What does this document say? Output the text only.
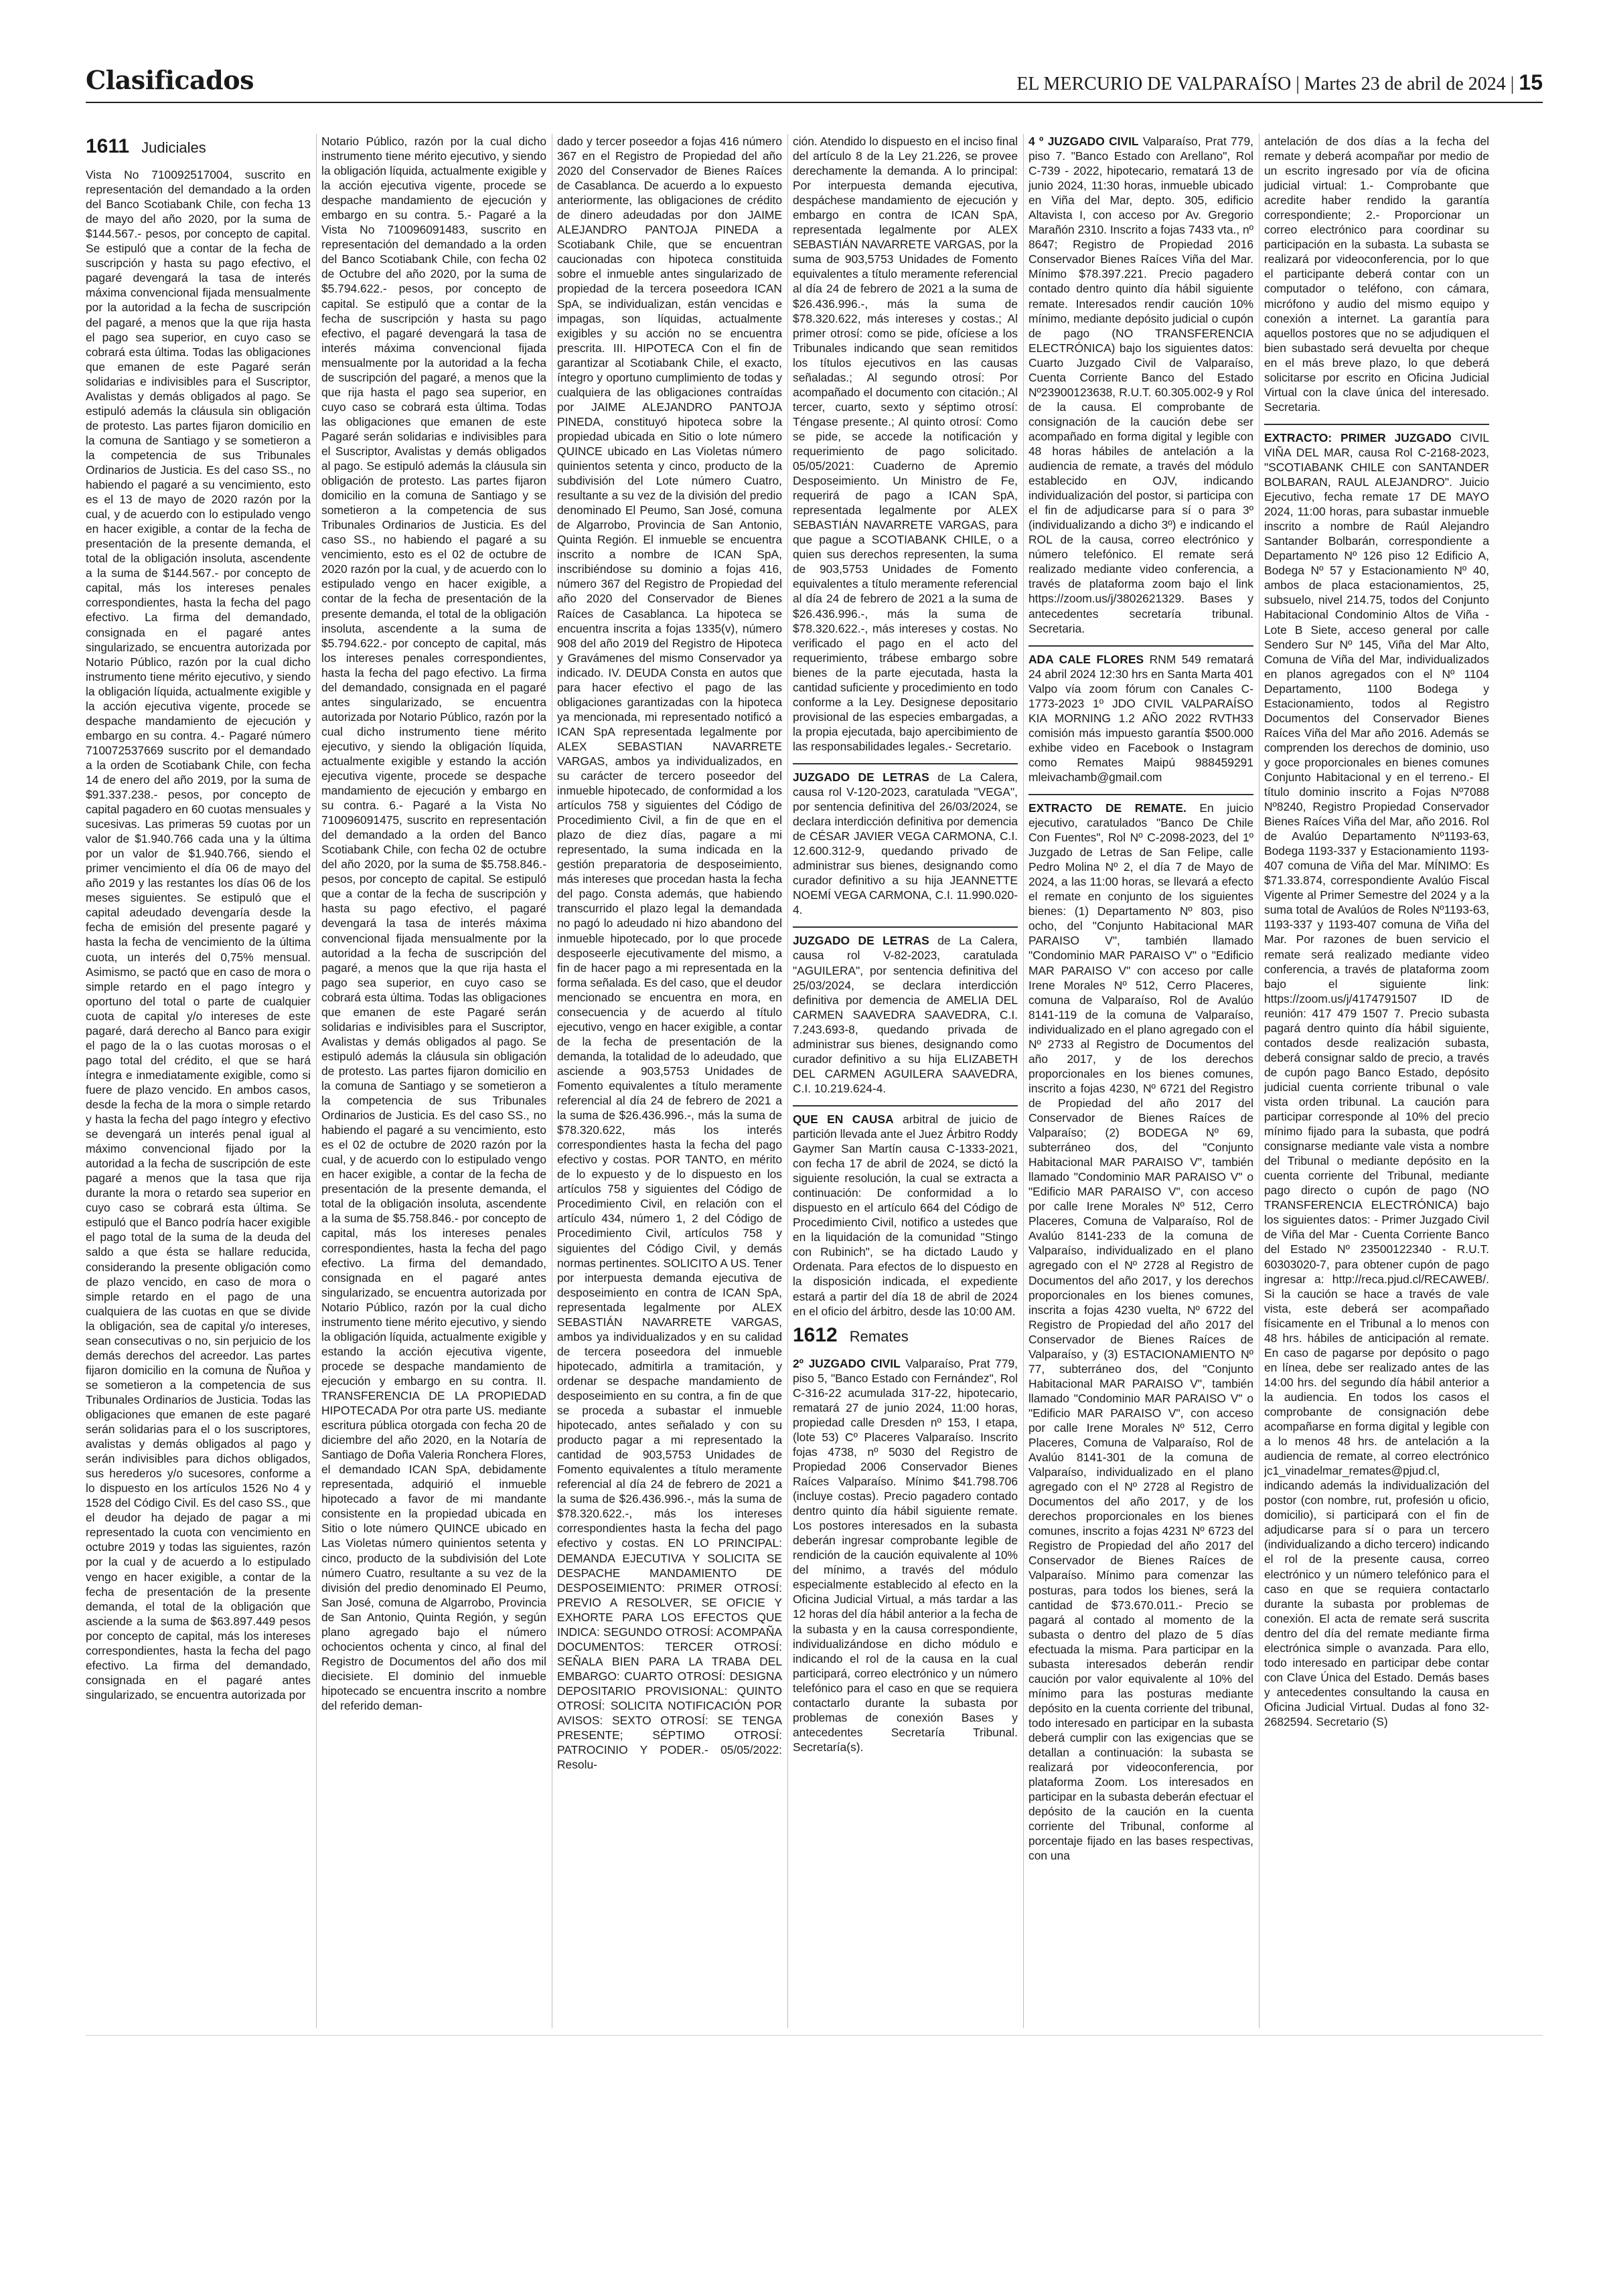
Clasificados	EL MERCURIO DE VALPARAÍSO | Martes 23 de abril de 2024 | 15
1611 Judiciales
Vista No 710092517004, suscrito en representación del demandado a la orden del Banco Scotiabank Chile, con fecha 13 de mayo del año 2020, por la suma de $144.567.- pesos, por concepto de capital. Se estipuló que a contar de la fecha de suscripción y hasta su pago efectivo, el pagaré devengará la tasa de interés máxima convencional fijada mensualmente por la autoridad a la fecha de suscripción del pagaré, a menos que la que rija hasta el pago sea superior, en cuyo caso se cobrará esta última. Todas las obligaciones que emanen de este Pagaré serán solidarias e indivisibles para el Suscriptor, Avalistas y demás obligados al pago. Se estipuló además la cláusula sin obligación de protesto. Las partes fijaron domicilio en la comuna de Santiago y se sometieron a la competencia de sus Tribunales Ordinarios de Justicia. Es del caso SS., no habiendo el pagaré a su vencimiento, esto es el 13 de mayo de 2020 razón por la cual, y de acuerdo con lo estipulado vengo en hacer exigible, a contar de la fecha de presentación de la presente demanda, el total de la obligación insoluta, ascendente a la suma de $144.567.- por concepto de capital, más los intereses penales correspondientes, hasta la fecha del pago efectivo. La firma del demandado, consignada en el pagaré antes singularizado, se encuentra autorizada por Notario Público, razón por la cual dicho instrumento tiene mérito ejecutivo, y siendo la obligación líquida, actualmente exigible y la acción ejecutiva vigente, procede se despache mandamiento de ejecución y embargo en su contra. 4.- Pagaré número 710072537669 suscrito por el demandado a la orden de Scotiabank Chile, con fecha 14 de enero del año 2019, por la suma de $91.337.238.- pesos, por concepto de capital pagadero en 60 cuotas mensuales y sucesivas. Las primeras 59 cuotas por un valor de $1.940.766 cada una y la última por un valor de $1.940.766, siendo el primer vencimiento el día 06 de mayo del año 2019 y las restantes los días 06 de los meses siguientes. Se estipuló que el capital adeudado devengaría desde la fecha de emisión del presente pagaré y hasta la fecha de vencimiento de la última cuota, un interés del 0,75% mensual. Asimismo, se pactó que en caso de mora o simple retardo en el pago íntegro y oportuno del total o parte de cualquier cuota de capital y/o intereses de este pagaré, dará derecho al Banco para exigir el pago de la o las cuotas morosas o el pago total del crédito, el que se hará íntegra e inmediatamente exigible, como si fuere de plazo vencido. En ambos casos, desde la fecha de la mora o simple retardo y hasta la fecha del pago íntegro y efectivo se devengará un interés penal igual al máximo convencional fijado por la autoridad a la fecha de suscripción de este pagaré a menos que la tasa que rija durante la mora o retardo sea superior en cuyo caso se cobrará esta última. Se estipuló que el Banco podría hacer exigible el pago total de la suma de la deuda del saldo a que ésta se hallare reducida, considerando la presente obligación como de plazo vencido, en caso de mora o simple retardo en el pago de una cualquiera de las cuotas en que se divide la obligación, sea de capital y/o intereses, sean consecutivas o no, sin perjuicio de los demás derechos del acreedor. Las partes fijaron domicilio en la comuna de Ñuñoa y se sometieron a la competencia de sus Tribunales Ordinarios de Justicia. Todas las obligaciones que emanen de este pagaré serán solidarias para el o los suscriptores, avalistas y demás obligados al pago y serán indivisibles para dichos obligados, sus herederos y/o sucesores, conforme a lo dispuesto en los artículos 1526 No 4 y 1528 del Código Civil. Es del caso SS., que el deudor ha dejado de pagar a mi representado la cuota con vencimiento en octubre 2019 y todas las siguientes, razón por la cual y de acuerdo a lo estipulado vengo en hacer exigible, a contar de la fecha de presentación de la presente demanda, el total de la obligación que asciende a la suma de $63.897.449 pesos por concepto de capital, más los intereses correspondientes, hasta la fecha del pago efectivo. La firma del demandado, consignada en el pagaré antes singularizado, se encuentra autorizada por
Notario Público, razón por la cual dicho instrumento tiene mérito ejecutivo, y siendo la obligación líquida, actualmente exigible y la acción ejecutiva vigente, procede se despache mandamiento de ejecución y embargo en su contra. 5.- Pagaré a la Vista No 710096091483, suscrito en representación del demandado a la orden del Banco Scotiabank Chile, con fecha 02 de Octubre del año 2020, por la suma de $5.794.622.- pesos, por concepto de capital. Se estipuló que a contar de la fecha de suscripción y hasta su pago efectivo, el pagaré devengará la tasa de interés máxima convencional fijada mensualmente por la autoridad a la fecha de suscripción del pagaré, a menos que la que rija hasta el pago sea superior, en cuyo caso se cobrará esta última. Todas las obligaciones que emanen de este Pagaré serán solidarias e indivisibles para el Suscriptor, Avalistas y demás obligados al pago. Se estipuló además la cláusula sin obligación de protesto. Las partes fijaron domicilio en la comuna de Santiago y se sometieron a la competencia de sus Tribunales Ordinarios de Justicia. Es del caso SS., no habiendo el pagaré a su vencimiento, esto es el 02 de octubre de 2020 razón por la cual, y de acuerdo con lo estipulado vengo en hacer exigible, a contar de la fecha de presentación de la presente demanda, el total de la obligación insoluta, ascendente a la suma de $5.794.622.- por concepto de capital, más los intereses penales correspondientes, hasta la fecha del pago efectivo. La firma del demandado, consignada en el pagaré antes singularizado, se encuentra autorizada por Notario Público, razón por la cual dicho instrumento tiene mérito ejecutivo, y siendo la obligación líquida, actualmente exigible y estando la acción ejecutiva vigente, procede se despache mandamiento de ejecución y embargo en su contra. 6.- Pagaré a la Vista No 710096091475, suscrito en representación del demandado a la orden del Banco Scotiabank Chile, con fecha 02 de octubre del año 2020, por la suma de $5.758.846.- pesos, por concepto de capital. Se estipuló que a contar de la fecha de suscripción y hasta su pago efectivo, el pagaré devengará la tasa de interés máxima convencional fijada mensualmente por la autoridad a la fecha de suscripción del pagaré, a menos que la que rija hasta el pago sea superior, en cuyo caso se cobrará esta última. Todas las obligaciones que emanen de este Pagaré serán solidarias e indivisibles para el Suscriptor, Avalistas y demás obligados al pago. Se estipuló además la cláusula sin obligación de protesto. Las partes fijaron domicilio en la comuna de Santiago y se sometieron a la competencia de sus Tribunales Ordinarios de Justicia. Es del caso SS., no habiendo el pagaré a su vencimiento, esto es el 02 de octubre de 2020 razón por la cual, y de acuerdo con lo estipulado vengo en hacer exigible, a contar de la fecha de presentación de la presente demanda, el total de la obligación insoluta, ascendente a la suma de $5.758.846.- por concepto de capital, más los intereses penales correspondientes, hasta la fecha del pago efectivo. La firma del demandado, consignada en el pagaré antes singularizado, se encuentra autorizada por Notario Público, razón por la cual dicho instrumento tiene mérito ejecutivo, y siendo la obligación líquida, actualmente exigible y estando la acción ejecutiva vigente, procede se despache mandamiento de ejecución y embargo en su contra. II. TRANSFERENCIA DE LA PROPIEDAD HIPOTECADA Por otra parte US. mediante escritura pública otorgada con fecha 20 de diciembre del año 2020, en la Notaría de Santiago de Doña Valeria Ronchera Flores, el demandado ICAN SpA, debidamente representada, adquirió el inmueble hipotecado a favor de mi mandante consistente en la propiedad ubicada en Sitio o lote número QUINCE ubicado en Las Violetas número quinientos setenta y cinco, producto de la subdivisión del Lote número Cuatro, resultante a su vez de la división del predio denominado El Peumo, San José, comuna de Algarrobo, Provincia de San Antonio, Quinta Región, y según plano agregado bajo el número ochocientos ochenta y cinco, al final del Registro de Documentos del año dos mil diecisiete. El dominio del inmueble hipotecado se encuentra inscrito a nombre del referido deman-
dado y tercer poseedor a fojas 416 número 367 en el Registro de Propiedad del año 2020 del Conservador de Bienes Raíces de Casablanca. De acuerdo a lo expuesto anteriormente, las obligaciones de crédito de dinero adeudadas por don JAIME ALEJANDRO PANTOJA PINEDA a Scotiabank Chile, que se encuentran caucionadas con hipoteca constituida sobre el inmueble antes singularizado de propiedad de la tercera poseedora ICAN SpA, se individualizan, están vencidas e impagas, son líquidas, actualmente exigibles y su acción no se encuentra prescrita. III. HIPOTECA Con el fin de garantizar al Scotiabank Chile, el exacto, íntegro y oportuno cumplimiento de todas y cualquiera de las obligaciones contraídas por JAIME ALEJANDRO PANTOJA PINEDA, constituyó hipoteca sobre la propiedad ubicada en Sitio o lote número QUINCE ubicado en Las Violetas número quinientos setenta y cinco, producto de la subdivisión del Lote número Cuatro, resultante a su vez de la división del predio denominado El Peumo, San José, comuna de Algarrobo, Provincia de San Antonio, Quinta Región. El inmueble se encuentra inscrito a nombre de ICAN SpA, inscribiéndose su dominio a fojas 416, número 367 del Registro de Propiedad del año 2020 del Conservador de Bienes Raíces de Casablanca. La hipoteca se encuentra inscrita a fojas 1335(v), número 908 del año 2019 del Registro de Hipoteca y Gravámenes del mismo Conservador ya indicado. IV. DEUDA Consta en autos que para hacer efectivo el pago de las obligaciones garantizadas con la hipoteca ya mencionada, mi representado notificó a ICAN SpA representada legalmente por ALEX SEBASTIAN NAVARRETE VARGAS, ambos ya individualizados, en su carácter de tercero poseedor del inmueble hipotecado, de conformidad a los artículos 758 y siguientes del Código de Procedimiento Civil, a fin de que en el plazo de diez días, pagare a mi representado, la suma indicada en la gestión preparatoria de desposeimiento, más intereses que procedan hasta la fecha del pago. Consta además, que habiendo transcurrido el plazo legal la demandada no pagó lo adeudado ni hizo abandono del inmueble hipotecado, por lo que procede desposeerle ejecutivamente del mismo, a fin de hacer pago a mi representada en la forma señalada. Es del caso, que el deudor mencionado se encuentra en mora, en consecuencia y de acuerdo al título ejecutivo, vengo en hacer exigible, a contar de la fecha de presentación de la demanda, la totalidad de lo adeudado, que asciende a 903,5753 Unidades de Fomento equivalentes a título meramente referencial al día 24 de febrero de 2021 a la suma de $26.436.996.-, más la suma de $78.320.622, más los interés correspondientes hasta la fecha del pago efectivo y costas. POR TANTO, en mérito de lo expuesto y de lo dispuesto en los artículos 758 y siguientes del Código de Procedimiento Civil, en relación con el artículo 434, número 1, 2 del Código de Procedimiento Civil, artículos 758 y siguientes del Código Civil, y demás normas pertinentes. SOLICITO A US. Tener por interpuesta demanda ejecutiva de desposeimiento en contra de ICAN SpA, representada legalmente por ALEX SEBASTIÁN NAVARRETE VARGAS, ambos ya individualizados y en su calidad de tercera poseedora del inmueble hipotecado, admitirla a tramitación, y ordenar se despache mandamiento de desposeimiento en su contra, a fin de que se proceda a subastar el inmueble hipotecado, antes señalado y con su producto pagar a mi representado la cantidad de 903,5753 Unidades de Fomento equivalentes a título meramente referencial al día 24 de febrero de 2021 a la suma de $26.436.996.-, más la suma de $78.320.622.-, más los intereses correspondientes hasta la fecha del pago efectivo y costas. EN LO PRINCIPAL: DEMANDA EJECUTIVA Y SOLICITA SE DESPACHE MANDAMIENTO DE DESPOSEIMIENTO: PRIMER OTROSÍ: PREVIO A RESOLVER, SE OFICIE Y EXHORTE PARA LOS EFECTOS QUE INDICA: SEGUNDO OTROSÍ: ACOMPAÑA DOCUMENTOS: TERCER OTROSÍ: SEÑALA BIEN PARA LA TRABA DEL EMBARGO: CUARTO OTROSÍ: DESIGNA DEPOSITARIO PROVISIONAL: QUINTO OTROSÍ: SOLICITA NOTIFICACIÓN POR AVISOS: SEXTO OTROSÍ: SE TENGA PRESENTE; SÉPTIMO OTROSÍ: PATROCINIO Y PODER.- 05/05/2022: Resolu-
ción. Atendido lo dispuesto en el inciso final del artículo 8 de la Ley 21.226, se provee derechamente la demanda. A lo principal: Por interpuesta demanda ejecutiva, despáchese mandamiento de ejecución y embargo en contra de ICAN SpA, representada legalmente por ALEX SEBASTIÁN NAVARRETE VARGAS, por la suma de 903,5753 Unidades de Fomento equivalentes a título meramente referencial al día 24 de febrero de 2021 a la suma de $26.436.996.-, más la suma de $78.320.622, más intereses y costas.; Al primer otrosí: como se pide, ofíciese a los Tribunales indicando que sean remitidos los títulos ejecutivos en las causas señaladas.; Al segundo otrosí: Por acompañado el documento con citación.; Al tercer, cuarto, sexto y séptimo otrosí: Téngase presente.; Al quinto otrosí: Como se pide, se accede la notificación y requerimiento de pago solicitado. 05/05/2021: Cuaderno de Apremio Desposeimiento. Un Ministro de Fe, requerirá de pago a ICAN SpA, representada legalmente por ALEX SEBASTIÁN NAVARRETE VARGAS, para que pague a SCOTIABANK CHILE, o a quien sus derechos representen, la suma de 903,5753 Unidades de Fomento equivalentes a título meramente referencial al día 24 de febrero de 2021 a la suma de $26.436.996.-, más la suma de $78.320.622.-, más intereses y costas. No verificado el pago en el acto del requerimiento, trábese embargo sobre bienes de la parte ejecutada, hasta la cantidad suficiente y procedimiento en todo conforme a la Ley. Designese depositario provisional de las especies embargadas, a la propia ejecutada, bajo apercibimiento de las responsabilidades legales.- Secretario.
JUZGADO DE LETRAS de La Calera, causa rol V-120-2023, caratulada "VEGA", por sentencia definitiva del 26/03/2024, se declara interdicción definitiva por demencia de CÉSAR JAVIER VEGA CARMONA, C.I. 12.600.312-9, quedando privado de administrar sus bienes, designando como curador definitivo a su hija JEANNETTE NOEMÍ VEGA CARMONA, C.I. 11.990.020-4.
JUZGADO DE LETRAS de La Calera, causa rol V-82-2023, caratulada "AGUILERA", por sentencia definitiva del 25/03/2024, se declara interdicción definitiva por demencia de AMELIA DEL CARMEN SAAVEDRA SAAVEDRA, C.I. 7.243.693-8, quedando privada de administrar sus bienes, designando como curador definitivo a su hija ELIZABETH DEL CARMEN AGUILERA SAAVEDRA, C.I. 10.219.624-4.
QUE EN CAUSA arbitral de juicio de partición llevada ante el Juez Árbitro Roddy Gaymer San Martín causa C-1333-2021, con fecha 17 de abril de 2024, se dictó la siguiente resolución, la cual se extracta a continuación: De conformidad a lo dispuesto en el artículo 664 del Código de Procedimiento Civil, notifico a ustedes que en la liquidación de la comunidad "Stingo con Rubinich", se ha dictado Laudo y Ordenata. Para efectos de lo dispuesto en la disposición indicada, el expediente estará a partir del día 18 de abril de 2024 en el oficio del árbitro, desde las 10:00 AM.
1612 Remates
2º JUZGADO CIVIL Valparaíso, Prat 779, piso 5, "Banco Estado con Fernández", Rol C-316-22 acumulada 317-22, hipotecario, rematará 27 de junio 2024, 11:00 horas, propiedad calle Dresden nº 153, I etapa, (lote 53) Cº Placeres Valparaíso. Inscrito fojas 4738, nº 5030 del Registro de Propiedad 2006 Conservador Bienes Raíces Valparaíso. Mínimo $41.798.706 (incluye costas). Precio pagadero contado dentro quinto día hábil siguiente remate. Los postores interesados en la subasta deberán ingresar comprobante legible de rendición de la caución equivalente al 10% del mínimo, a través del módulo especialmente establecido al efecto en la Oficina Judicial Virtual, a más tardar a las 12 horas del día hábil anterior a la fecha de la subasta y en la causa correspondiente, individualizándose en dicho módulo e indicando el rol de la causa en la cual participará, correo electrónico y un número telefónico para el caso en que se requiera contactarlo durante la subasta por problemas de conexión Bases y antecedentes Secretaría Tribunal. Secretaría(s).
4 º JUZGADO CIVIL Valparaíso, Prat 779, piso 7. "Banco Estado con Arellano", Rol C-739 - 2022, hipotecario, rematará 13 de junio 2024, 11:30 horas, inmueble ubicado en Viña del Mar, depto. 305, edificio Altavista I, con acceso por Av. Gregorio Marañón 2310. Inscrito a fojas 7433 vta., nº 8647; Registro de Propiedad 2016 Conservador Bienes Raíces Viña del Mar. Mínimo $78.397.221. Precio pagadero contado dentro quinto día hábil siguiente remate. Interesados rendir caución 10% mínimo, mediante depósito judicial o cupón de pago (NO TRANSFERENCIA ELECTRÓNICA) bajo los siguientes datos: Cuarto Juzgado Civil de Valparaíso, Cuenta Corriente Banco del Estado Nº23900123638, R.U.T. 60.305.002-9 y Rol de la causa. El comprobante de consignación de la caución debe ser acompañado en forma digital y legible con 48 horas hábiles de antelación a la audiencia de remate, a través del módulo establecido en OJV, indicando individualización del postor, si participa con el fin de adjudicarse para sí o para 3º (individualizando a dicho 3º) e indicando el ROL de la causa, correo electrónico y número telefónico. El remate será realizado mediante video conferencia, a través de plataforma zoom bajo el link https://zoom.us/j/3802621329. Bases y antecedentes secretaría tribunal. Secretaria.
ADA CALE FLORES RNM 549 rematará 24 abril 2024 12:30 hrs en Santa Marta 401 Valpo vía zoom fórum con Canales C-1773-2023 1º JDO CIVIL VALPARAÍSO KIA MORNING 1.2 AÑO 2022 RVTH33 comisión más impuesto garantía $500.000 exhibe video en Facebook o Instagram como Remates Maipú 988459291 mleivachamb@gmail.com
EXTRACTO DE REMATE. En juicio ejecutivo, caratulados "Banco De Chile Con Fuentes", Rol Nº C-2098-2023, del 1º Juzgado de Letras de San Felipe, calle Pedro Molina Nº 2, el día 7 de Mayo de 2024, a las 11:00 horas, se llevará a efecto el remate en conjunto de los siguientes bienes: (1) Departamento Nº 803, piso ocho, del "Conjunto Habitacional MAR PARAISO V", también llamado "Condominio MAR PARAISO V" o "Edificio MAR PARAISO V" con acceso por calle Irene Morales Nº 512, Cerro Placeres, comuna de Valparaíso, Rol de Avalúo 8141-119 de la comuna de Valparaíso, individualizado en el plano agregado con el Nº 2733 al Registro de Documentos del año 2017, y de los derechos proporcionales en los bienes comunes, inscrito a fojas 4230, Nº 6721 del Registro de Propiedad del año 2017 del Conservador de Bienes Raíces de Valparaíso; (2) BODEGA Nº 69, subterráneo dos, del "Conjunto Habitacional MAR PARAISO V", también llamado "Condominio MAR PARAISO V" o "Edificio MAR PARAISO V", con acceso por calle Irene Morales Nº 512, Cerro Placeres, Comuna de Valparaíso, Rol de Avalúo 8141-233 de la comuna de Valparaíso, individualizado en el plano agregado con el Nº 2728 al Registro de Documentos del año 2017, y los derechos proporcionales en los bienes comunes, inscrita a fojas 4230 vuelta, Nº 6722 del Registro de Propiedad del año 2017 del Conservador de Bienes Raíces de Valparaíso, y (3) ESTACIONAMIENTO Nº 77, subterráneo dos, del "Conjunto Habitacional MAR PARAISO V", también llamado "Condominio MAR PARAISO V" o "Edificio MAR PARAISO V", con acceso por calle Irene Morales Nº 512, Cerro Placeres, Comuna de Valparaíso, Rol de Avalúo 8141-301 de la comuna de Valparaíso, individualizado en el plano agregado con el Nº 2728 al Registro de Documentos del año 2017, y de los derechos proporcionales en los bienes comunes, inscrito a fojas 4231 Nº 6723 del Registro de Propiedad del año 2017 del Conservador de Bienes Raíces de Valparaíso. Mínimo para comenzar las posturas, para todos los bienes, será la cantidad de $73.670.011.- Precio se pagará al contado al momento de la subasta o dentro del plazo de 5 días efectuada la misma. Para participar en la subasta interesados deberán rendir caución por valor equivalente al 10% del mínimo para las posturas mediante depósito en la cuenta corriente del tribunal, todo interesado en participar en la subasta deberá cumplir con las exigencias que se detallan a continuación: la subasta se realizará por videoconferencia, por plataforma Zoom. Los interesados en participar en la subasta deberán efectuar el depósito de la caución en la cuenta corriente del Tribunal, conforme al porcentaje fijado en las bases respectivas, con una
antelación de dos días a la fecha del remate y deberá acompañar por medio de un escrito ingresado por vía de oficina judicial virtual: 1.- Comprobante que acredite haber rendido la garantía correspondiente; 2.- Proporcionar un correo electrónico para coordinar su participación en la subasta. La subasta se realizará por videoconferencia, por lo que el participante deberá contar con un computador o teléfono, con cámara, micrófono y audio del mismo equipo y conexión a internet. La garantía para aquellos postores que no se adjudiquen el bien subastado será devuelta por cheque en el más breve plazo, lo que deberá solicitarse por escrito en Oficina Judicial Virtual con la clave única del interesado. Secretaria.
EXTRACTO: PRIMER JUZGADO CIVIL VIÑA DEL MAR, causa Rol C-2168-2023, "SCOTIABANK CHILE con SANTANDER BOLBARAN, RAUL ALEJANDRO". Juicio Ejecutivo, fecha remate 17 DE MAYO 2024, 11:00 horas, para subastar inmueble inscrito a nombre de Raúl Alejandro Santander Bolbarán, correspondiente a Departamento Nº 126 piso 12 Edificio A, Bodega Nº 57 y Estacionamiento Nº 40, ambos de placa estacionamientos, 25, subsuelo, nivel 214.75, todos del Conjunto Habitacional Condominio Altos de Viña - Lote B Siete, acceso general por calle Sendero Sur Nº 145, Viña del Mar Alto, Comuna de Viña del Mar, individualizados en planos agregados con el Nº 1104 Departamento, 1100 Bodega y Estacionamiento, todos al Registro Documentos del Conservador Bienes Raíces Viña del Mar año 2016. Además se comprenden los derechos de dominio, uso y goce proporcionales en bienes comunes Conjunto Habitacional y en el terreno.- El título dominio inscrito a Fojas Nº7088 Nº8240, Registro Propiedad Conservador Bienes Raíces Viña del Mar, año 2016. Rol de Avalúo Departamento Nº1193-63, Bodega 1193-337 y Estacionamiento 1193-407 comuna de Viña del Mar. MÍNIMO: Es $71.33.874, correspondiente Avalúo Fiscal Vigente al Primer Semestre del 2024 y a la suma total de Avalúos de Roles Nº1193-63, 1193-337 y 1193-407 comuna de Viña del Mar. Por razones de buen servicio el remate será realizado mediante video conferencia, a través de plataforma zoom bajo el siguiente link: https://zoom.us/j/4174791507 ID de reunión: 417 479 1507 7. Precio subasta pagará dentro quinto día hábil siguiente, contados desde realización subasta, deberá consignar saldo de precio, a través de cupón pago Banco Estado, depósito judicial cuenta corriente tribunal o vale vista orden tribunal. La caución para participar corresponde al 10% del precio mínimo fijado para la subasta, que podrá consignarse mediante vale vista a nombre del Tribunal o mediante depósito en la cuenta corriente del Tribunal, mediante pago directo o cupón de pago (NO TRANSFERENCIA ELECTRÓNICA) bajo los siguientes datos: - Primer Juzgado Civil de Viña del Mar - Cuenta Corriente Banco del Estado Nº 23500122340 - R.U.T. 60303020-7, para obtener cupón de pago ingresar a: http://reca.pjud.cl/RECAWEB/. Si la caución se hace a través de vale vista, este deberá ser acompañado físicamente en el Tribunal a lo menos con 48 hrs. hábiles de anticipación al remate. En caso de pagarse por depósito o pago en línea, debe ser realizado antes de las 14:00 hrs. del segundo día hábil anterior a la audiencia. En todos los casos el comprobante de consignación debe acompañarse en forma digital y legible con a lo menos 48 hrs. de antelación a la audiencia de remate, al correo electrónico jc1_vinadelmar_remates@pjud.cl, indicando además la individualización del postor (con nombre, rut, profesión u oficio, domicilio), si participará con el fin de adjudicarse para sí o para un tercero (individualizando a dicho tercero) indicando el rol de la presente causa, correo electrónico y un número telefónico para el caso en que se requiera contactarlo durante la subasta por problemas de conexión. El acta de remate será suscrita dentro del día del remate mediante firma electrónica simple o avanzada. Para ello, todo interesado en participar debe contar con Clave Única del Estado. Demás bases y antecedentes consultando la causa en Oficina Judicial Virtual. Dudas al fono 32-2682594. Secretario (S)
